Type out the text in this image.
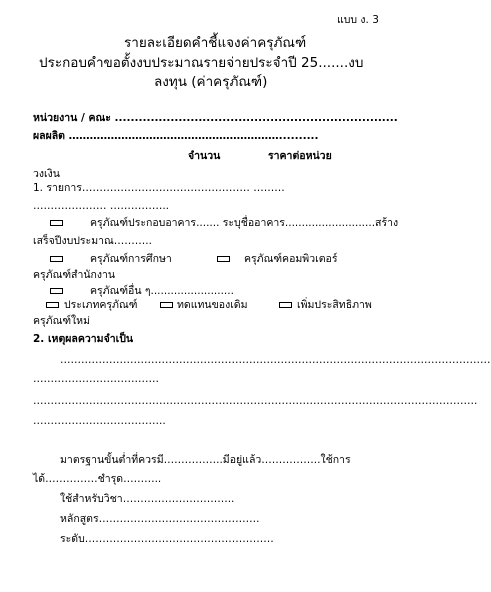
แบบ ง. 3
รายละเอียดคำชี้แจงค่าครุภัณฑ์
ประกอบคำขอตั้งงบประมาณรายจ่ายประจำปี 25.......งบ
ลงทุน (ค่าครุภัณฑ์)
หน่วยงาน / คณะ .......................................................................
ผลผลิต ……………………………………………………..........
จำนวน	ราคาต่อหน่วย
วงเงิน
1. รายการ………………………………………… ………
………………… ……………..
ครุภัณฑ์ประกอบอาคาร....... ระบุชื่ออาคาร...........................สร้าง
เสร็จปีงบประมาณ………..
ครุภัณฑ์การศึกษา	ครุภัณฑ์คอมพิวเตอร์
ครุภัณฑ์สำนักงาน
ครุภัณฑ์อื่น ๆ.........................
ประเภทครุภัณฑ์	ทดแทนของเดิม	เพิ่มประสิทธิภาพ
ครุภัณฑ์ใหม่
2. เหตุผลความจำเป็น
……………………………………………………………………………………………………………
………………………………
……………………………………………………………………………………………………………….
………………………………..
มาตรฐานขั้นต่ำที่ควรมี……………..มีอยู่แล้ว……………..ใช้การ
ได้……………ชำรุด………..
ใช้สำหรับวิชา…………………………..
หลักสูตร……………………………………….
ระดับ………………………………………………
